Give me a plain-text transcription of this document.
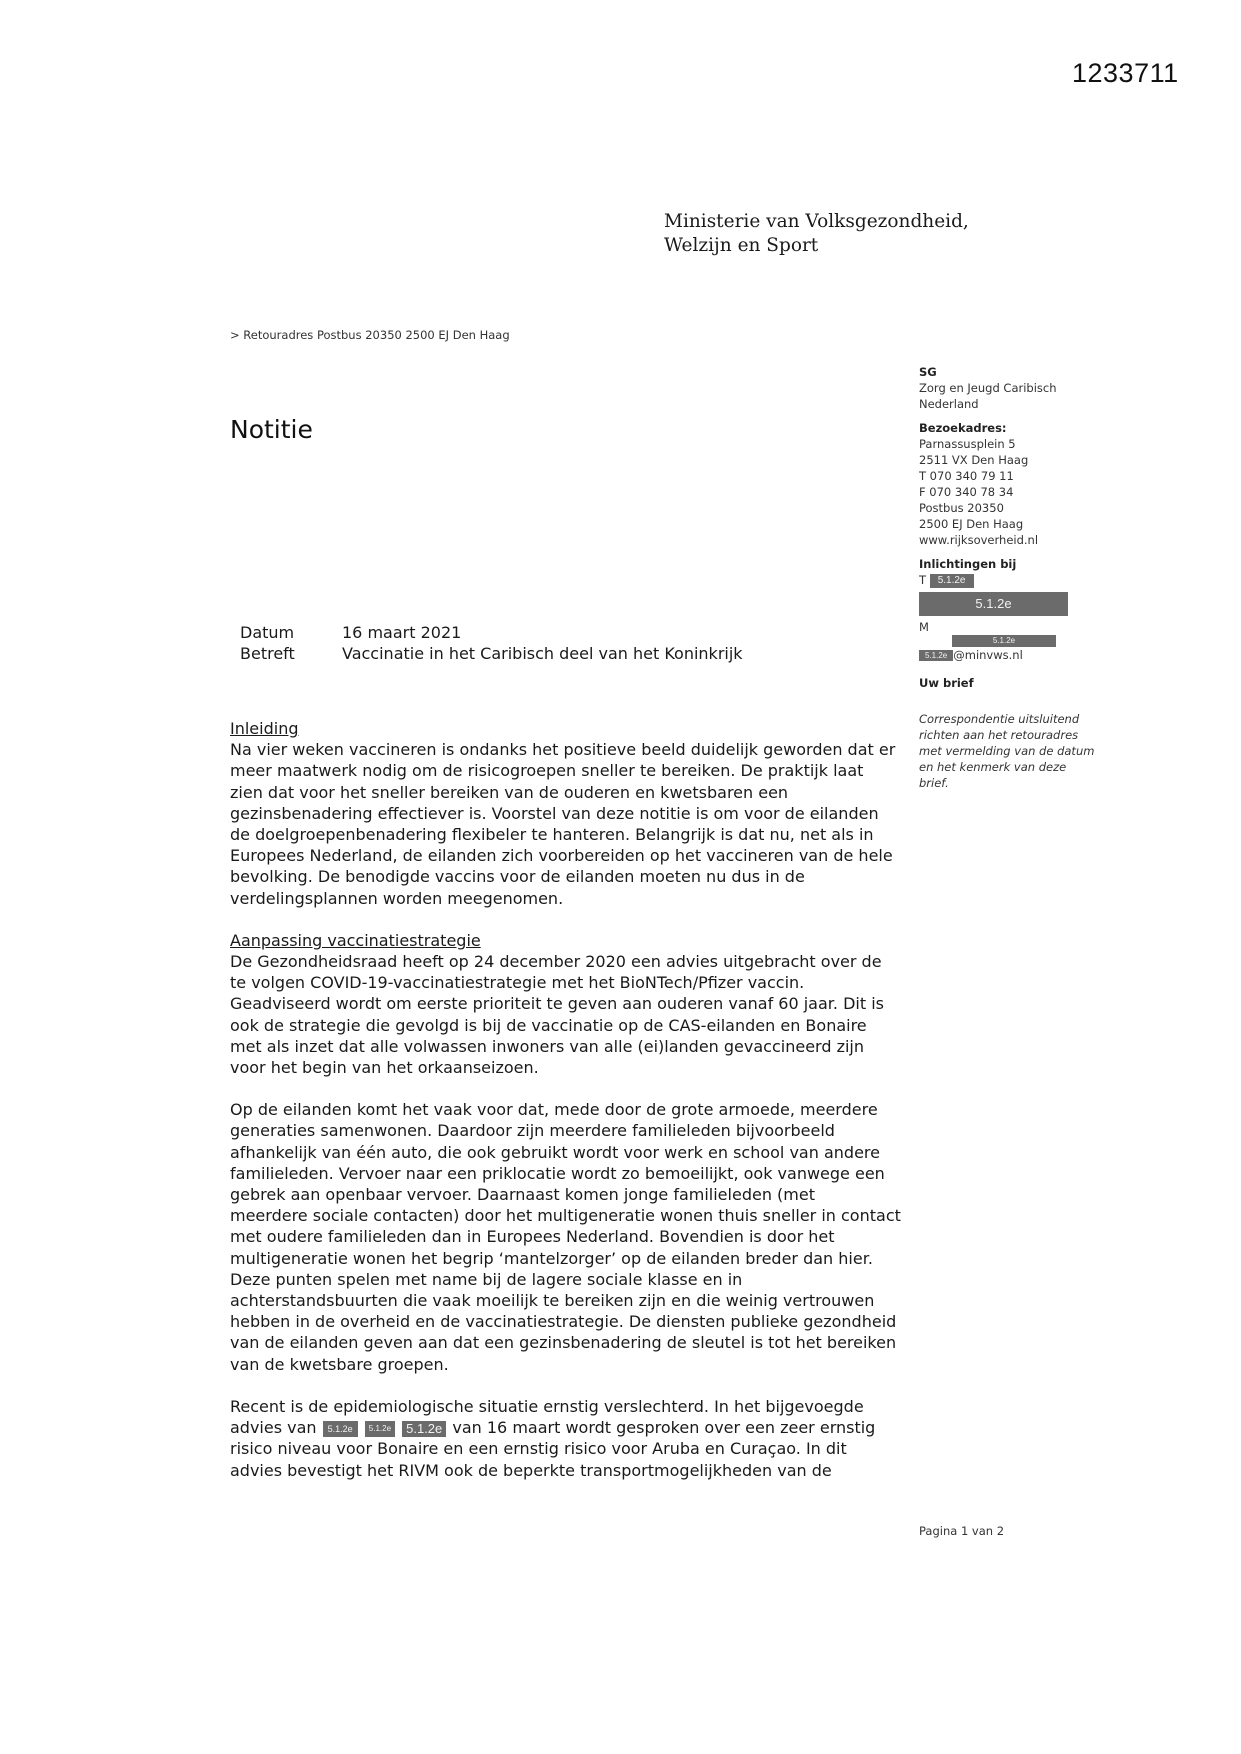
1233711
Ministerie van Volksgezondheid,
Welzijn en Sport
> Retouradres Postbus 20350 2500 EJ Den Haag
Notitie
SG
Zorg en Jeugd Caribisch
Nederland
Bezoekadres:
Parnassusplein 5
2511 VX Den Haag
T 070 340 79 11
F 070 340 78 34
Postbus 20350
2500 EJ Den Haag
www.rijksoverheid.nl
Inlichtingen bij
T 5.1.2e
5.1.2e
M
5.1.2e
5.1.2e @minvws.nl
Uw brief
Correspondentie uitsluitend
richten aan het retouradres
met vermelding van de datum
en het kenmerk van deze
brief.
Datum	16 maart 2021
Betreft	Vaccinatie in het Caribisch deel van het Koninkrijk

Inleiding
Na vier weken vaccineren is ondanks het positieve beeld duidelijk geworden dat er
meer maatwerk nodig om de risicogroepen sneller te bereiken. De praktijk laat
zien dat voor het sneller bereiken van de ouderen en kwetsbaren een
gezinsbenadering effectiever is. Voorstel van deze notitie is om voor de eilanden
de doelgroepenbenadering flexibeler te hanteren. Belangrijk is dat nu, net als in
Europees Nederland, de eilanden zich voorbereiden op het vaccineren van de hele
bevolking. De benodigde vaccins voor de eilanden moeten nu dus in de
verdelingsplannen worden meegenomen.

Aanpassing vaccinatiestrategie
De Gezondheidsraad heeft op 24 december 2020 een advies uitgebracht over de
te volgen COVID-19-vaccinatiestrategie met het BioNTech/Pfizer vaccin.
Geadviseerd wordt om eerste prioriteit te geven aan ouderen vanaf 60 jaar. Dit is
ook de strategie die gevolgd is bij de vaccinatie op de CAS-eilanden en Bonaire
met als inzet dat alle volwassen inwoners van alle (ei)landen gevaccineerd zijn
voor het begin van het orkaanseizoen.

Op de eilanden komt het vaak voor dat, mede door de grote armoede, meerdere
generaties samenwonen. Daardoor zijn meerdere familieleden bijvoorbeeld
afhankelijk van één auto, die ook gebruikt wordt voor werk en school van andere
familieleden. Vervoer naar een priklocatie wordt zo bemoeilijkt, ook vanwege een
gebrek aan openbaar vervoer. Daarnaast komen jonge familieleden (met
meerdere sociale contacten) door het multigeneratie wonen thuis sneller in contact
met oudere familieleden dan in Europees Nederland. Bovendien is door het
multigeneratie wonen het begrip ‘mantelzorger’ op de eilanden breder dan hier.
Deze punten spelen met name bij de lagere sociale klasse en in
achterstandsbuurten die vaak moeilijk te bereiken zijn en die weinig vertrouwen
hebben in de overheid en de vaccinatiestrategie. De diensten publieke gezondheid
van de eilanden geven aan dat een gezinsbenadering de sleutel is tot het bereiken
van de kwetsbare groepen.

Recent is de epidemiologische situatie ernstig verslechterd. In het bijgevoegde
advies van 5.1.2e 5.1.2e 5.1.2e van 16 maart wordt gesproken over een zeer ernstig
risico niveau voor Bonaire en een ernstig risico voor Aruba en Curaçao. In dit
advies bevestigt het RIVM ook de beperkte transportmogelijkheden van de

Pagina 1 van 2
